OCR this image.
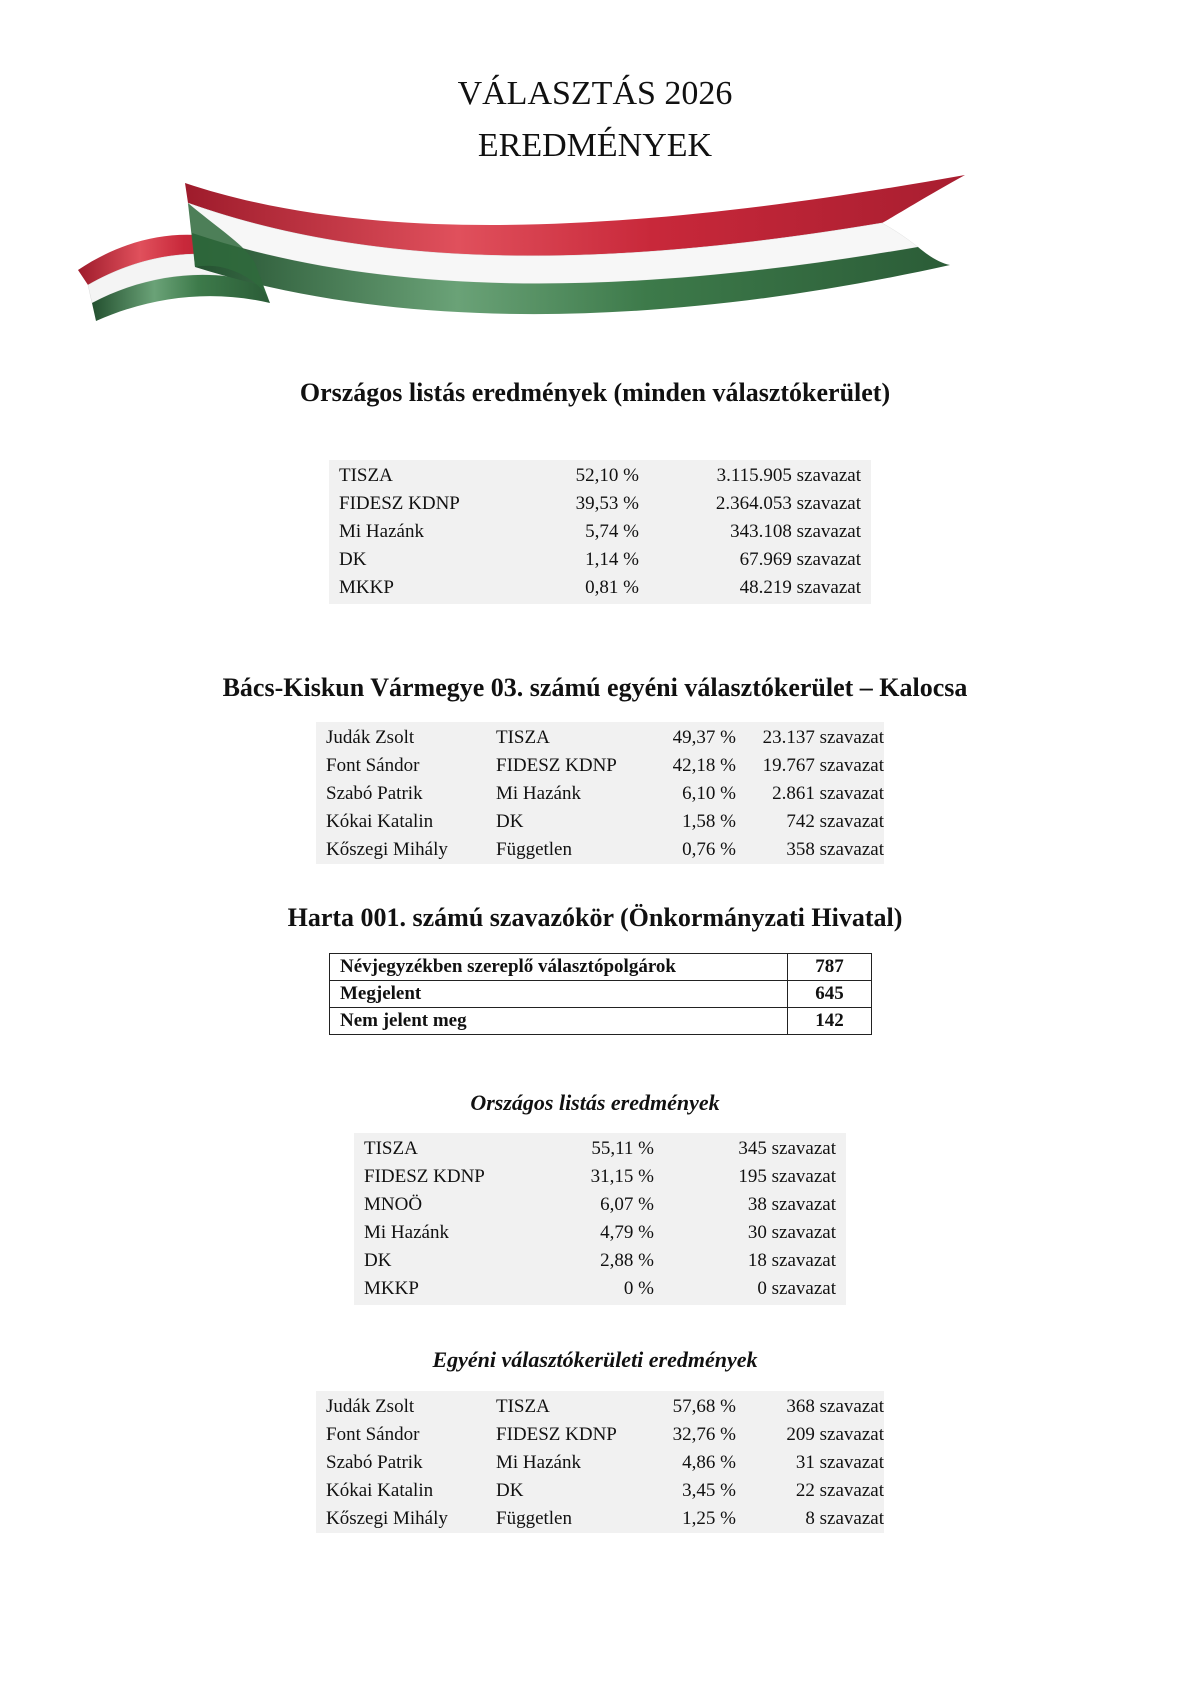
VÁLASZTÁS 2026
EREDMÉNYEK
Országos listás eredmények (minden választókerület)
TISZA	52,10 %	3.115.905 szavazat
FIDESZ KDNP	39,53 %	2.364.053 szavazat
Mi Hazánk	5,74 %	343.108 szavazat
DK	1,14 %	67.969 szavazat
MKKP	0,81 %	48.219 szavazat
Bács-Kiskun Vármegye 03. számú egyéni választókerület – Kalocsa
Judák Zsolt	TISZA	49,37 %	23.137 szavazat
Font Sándor	FIDESZ KDNP	42,18 %	19.767 szavazat
Szabó Patrik	Mi Hazánk	6,10 %	2.861 szavazat
Kókai Katalin	DK	1,58 %	742 szavazat
Kőszegi Mihály	Független	0,76 %	358 szavazat
Harta 001. számú szavazókör (Önkormányzati Hivatal)
Névjegyzékben szereplő választópolgárok	787
Megjelent	645
Nem jelent meg	142
Országos listás eredmények
TISZA	55,11 %	345 szavazat
FIDESZ KDNP	31,15 %	195 szavazat
MNOÖ	6,07 %	38 szavazat
Mi Hazánk	4,79 %	30 szavazat
DK	2,88 %	18 szavazat
MKKP	0 %	0 szavazat
Egyéni választókerületi eredmények
Judák Zsolt	TISZA	57,68 %	368 szavazat
Font Sándor	FIDESZ KDNP	32,76 %	209 szavazat
Szabó Patrik	Mi Hazánk	4,86 %	31 szavazat
Kókai Katalin	DK	3,45 %	22 szavazat
Kőszegi Mihály	Független	1,25 %	8 szavazat
